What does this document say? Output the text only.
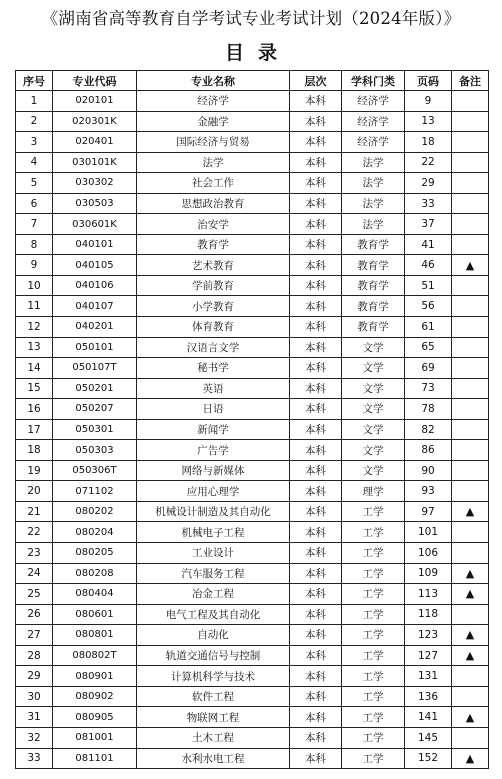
《湖南省高等教育自学考试专业考试计划（2024年版）》
目录
序号	专业代码	专业名称	层次	学科门类	页码	备注
1	020101	经济学	本科	经济学	9	
2	020301K	金融学	本科	经济学	13	
3	020401	国际经济与贸易	本科	经济学	18	
4	030101K	法学	本科	法学	22	
5	030302	社会工作	本科	法学	29	
6	030503	思想政治教育	本科	法学	33	
7	030601K	治安学	本科	法学	37	
8	040101	教育学	本科	教育学	41	
9	040105	艺术教育	本科	教育学	46	▲
10	040106	学前教育	本科	教育学	51	
11	040107	小学教育	本科	教育学	56	
12	040201	体育教育	本科	教育学	61	
13	050101	汉语言文学	本科	文学	65	
14	050107T	秘书学	本科	文学	69	
15	050201	英语	本科	文学	73	
16	050207	日语	本科	文学	78	
17	050301	新闻学	本科	文学	82	
18	050303	广告学	本科	文学	86	
19	050306T	网络与新媒体	本科	文学	90	
20	071102	应用心理学	本科	理学	93	
21	080202	机械设计制造及其自动化	本科	工学	97	▲
22	080204	机械电子工程	本科	工学	101	
23	080205	工业设计	本科	工学	106	
24	080208	汽车服务工程	本科	工学	109	▲
25	080404	冶金工程	本科	工学	113	▲
26	080601	电气工程及其自动化	本科	工学	118	
27	080801	自动化	本科	工学	123	▲
28	080802T	轨道交通信号与控制	本科	工学	127	▲
29	080901	计算机科学与技术	本科	工学	131	
30	080902	软件工程	本科	工学	136	
31	080905	物联网工程	本科	工学	141	▲
32	081001	土木工程	本科	工学	145	
33	081101	水利水电工程	本科	工学	152	▲
